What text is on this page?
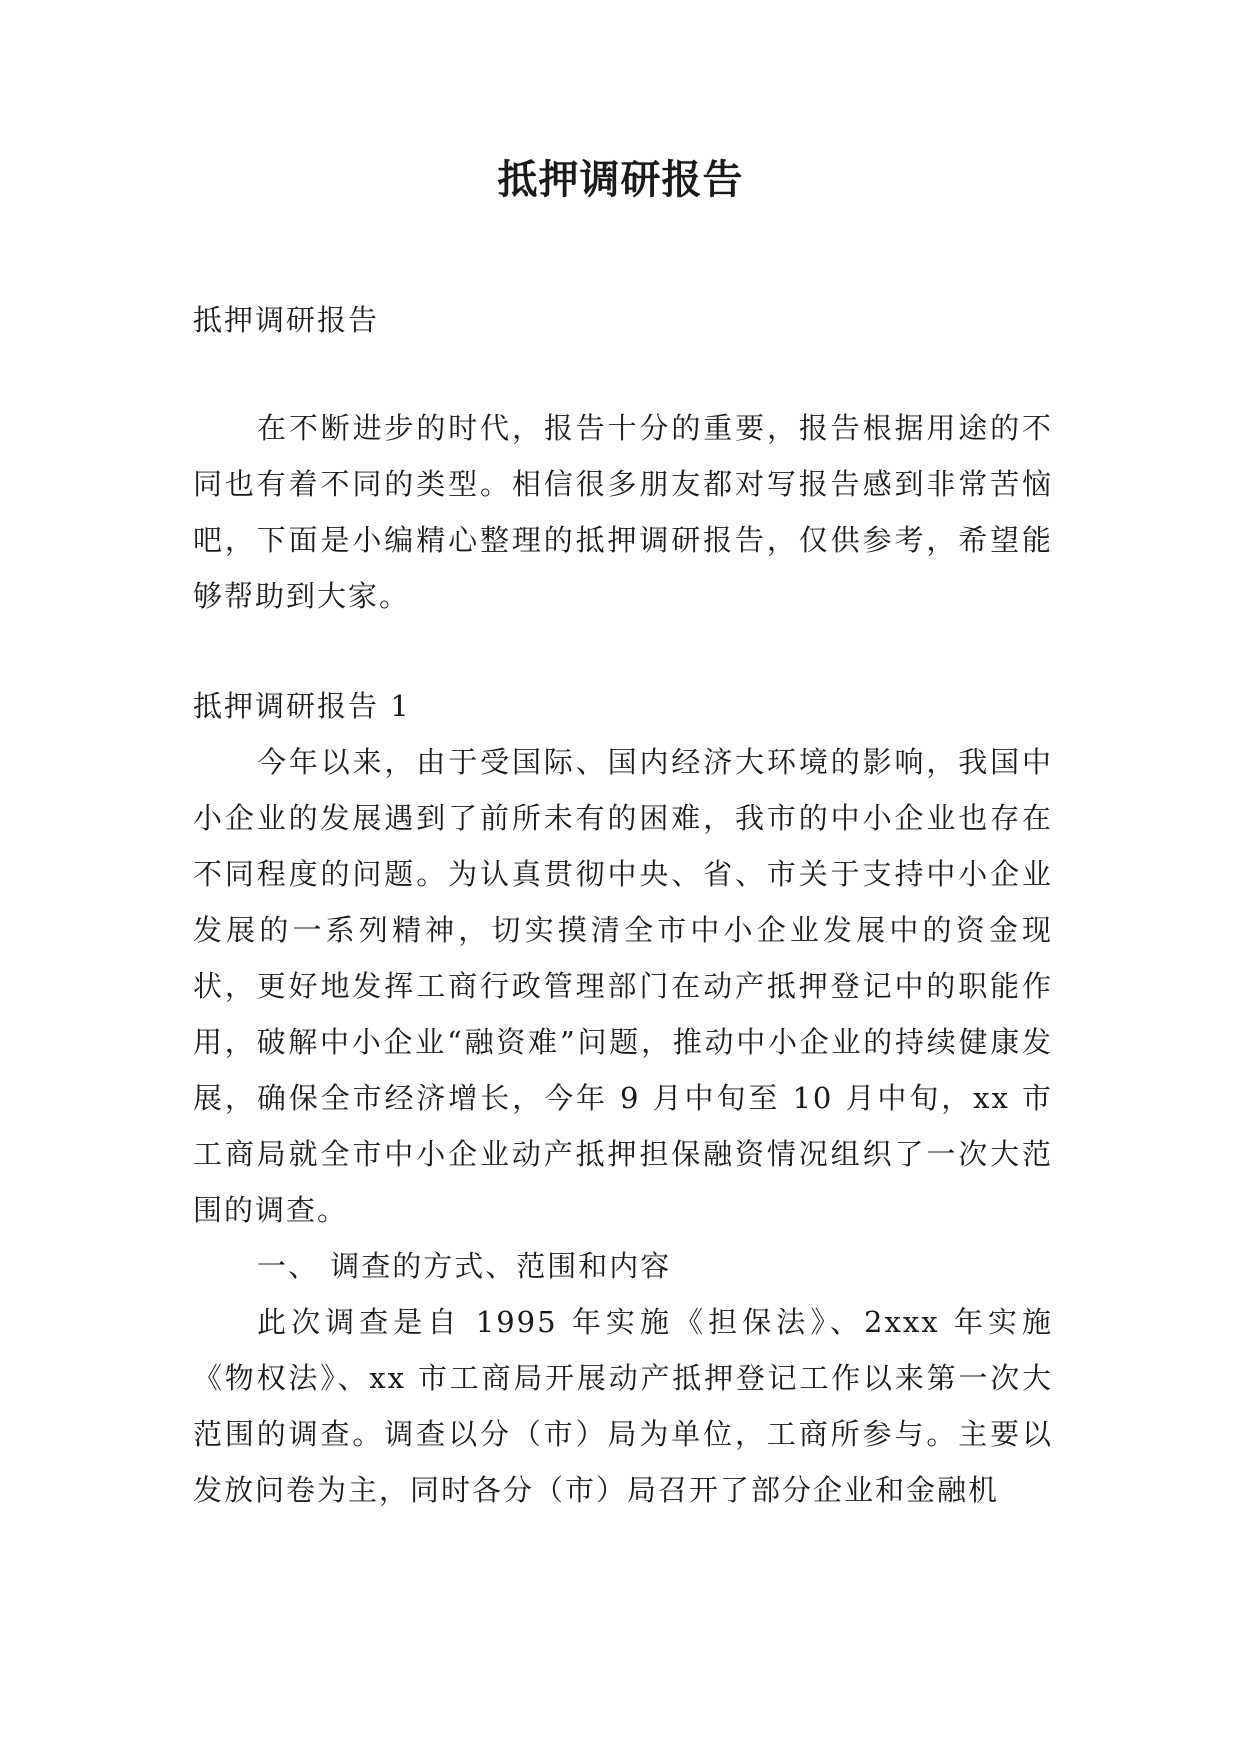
抵押调研报告

抵押调研报告

在不断进步的时代，报告十分的重要，报告根据用途的不同也有着不同的类型。相信很多朋友都对写报告感到非常苦恼吧，下面是小编精心整理的抵押调研报告，仅供参考，希望能够帮助到大家。

抵押调研报告 1

今年以来，由于受国际、国内经济大环境的影响，我国中小企业的发展遇到了前所未有的困难，我市的中小企业也存在不同程度的问题。为认真贯彻中央、省、市关于支持中小企业发展的一系列精神，切实摸清全市中小企业发展中的资金现状，更好地发挥工商行政管理部门在动产抵押登记中的职能作用，破解中小企业“融资难”问题，推动中小企业的持续健康发展，确保全市经济增长，今年 9 月中旬至 10 月中旬，xx 市工商局就全市中小企业动产抵押担保融资情况组织了一次大范围的调查。

一、 调查的方式、范围和内容

此次调查是自 1995 年实施《担保法》、2xxx 年实施《物权法》、xx 市工商局开展动产抵押登记工作以来第一次大范围的调查。调查以分（市）局为单位，工商所参与。主要以发放问卷为主，同时各分（市）局召开了部分企业和金融机
